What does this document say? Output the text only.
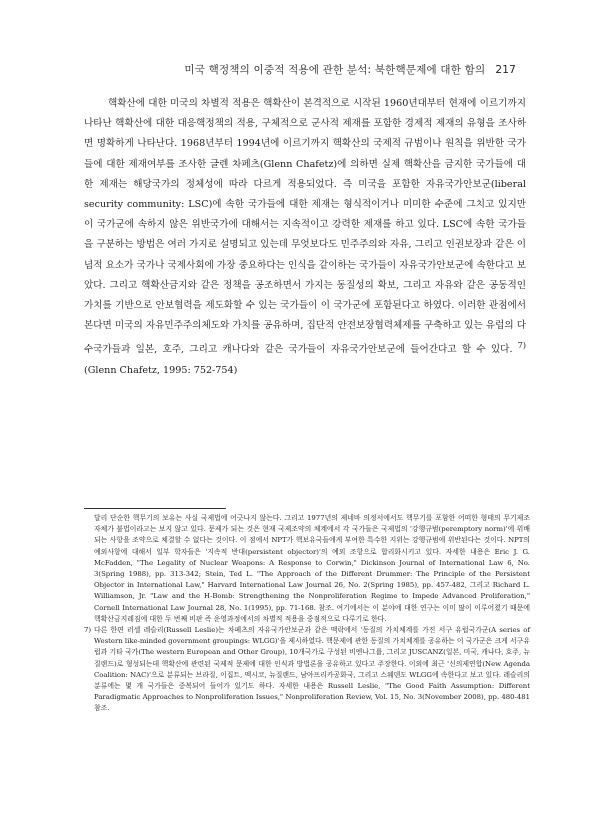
미국 핵정책의 이중적 적용에 관한 분석: 북한핵문제에 대한 함의 217

핵확산에 대한 미국의 차별적 적용은 핵확산이 본격적으로 시작된 1960년대부터 현재에 이르기까지 나타난 핵확산에 대한 대응핵정책의 적용, 구체적으로 군사적 제재를 포함한 경제적 제재의 유형을 조사하면 명확하게 나타난다. 1968년부터 1994년에 이르기까지 핵확산의 국제적 규범이나 원칙을 위반한 국가들에 대한 제재여부를 조사한 글렌 차페츠(Glenn Chafetz)에 의하면 실제 핵확산을 금지한 국가들에 대한 제재는 해당국가의 정체성에 따라 다르게 적용되었다. 즉 미국을 포함한 자유국가안보군(liberal security community: LSC)에 속한 국가들에 대한 제재는 형식적이거나 미미한 수준에 그치고 있지만 이 국가군에 속하지 않은 위반국가에 대해서는 지속적이고 강력한 제재를 하고 있다. LSC에 속한 국가들을 구분하는 방법은 여러 가지로 설명되고 있는데 무엇보다도 민주주의와 자유, 그리고 인권보장과 같은 이념적 요소가 국가나 국제사회에 가장 중요하다는 인식을 같이하는 국가들이 자유국가안보군에 속한다고 보았다. 그리고 핵확산금지와 같은 정책을 공조하면서 가지는 동질성의 확보, 그리고 자유와 같은 공동적인 가치를 기반으로 안보협력을 제도화할 수 있는 국가들이 이 국가군에 포함된다고 하였다. 이러한 관점에서 본다면 미국의 자유민주주의체도와 가치를 공유하며, 집단적 안전보장협력체제를 구축하고 있는 유럽의 다수국가들과 일본, 호주, 그리고 캐나다와 같은 국가들이 자유국가안보군에 들어간다고 할 수 있다. $^{7)}$(Glenn Chafetz, 1995: 752-754)

달리 단순한 핵무기의 보유는 사실 국제법에 어긋나지 않는다. 그리고 1977년의 제네바 의정서에서도 핵무기를 포함한 어떠한 형태의 무기제조 자체가 불법이라고는 보지 않고 있다. 문제가 되는 것은 현재 국제조약의 체계에서 각 국가들은 국제법의 '강행규범(peremptory norm)'에 위배되는 사항을 조약으로 체결할 수 없다는 것이다. 이 점에서 NPT가 핵보유국들에게 부여한 특수한 지위는 강행규범에 위반된다는 것이다. NPT의 예외사항에 대해서 일부 학자들은 '지속적 반대(persistent objector)'의 예외 조항으로 합리화시키고 있다. 자세한 내용은 Eric J. G. McFadden, "The Legality of Nuclear Weapons: A Response to Corwin," Dickinson Journal of International Law 6, No. 3(Spring 1988), pp. 313-342; Stein, Ted L. "The Approach of the Different Drummer: The Principle of the Persistent Objector in International Law," Harvard International Law Journal 26, No. 2(Spring 1985), pp. 457-482, 그리고 Richard L. Williamson, Jr. "Law and the H-Bomb: Strengthening the Nonproliferation Regime to Impede Advanced Proliferation," Cornell International Law Journal 28, No. 1(1995), pp. 71-168. 참조. 여기에서는 이 분야에 대한 연구는 이미 많이 이루어졌기 때문에 핵확산금지레짐에 대한 두 번째 비판 즉 운영과정에서의 차별적 적용을 중점적으로 다루기로 한다.

7) 다른 한편 러셀 레슬리(Russell Leslie)는 차페츠의 자유국가안보군과 같은 맥락에서 '동질의 가치체계를 가진 서구 유럽국가군(A series of Western like-minded government groupings: WLGG)'을 제시하였다. 핵문제에 관한 동질의 가치체계를 공유하는 이 국가군은 크게 서구유럽과 기타 국가(The western European and Other Group), 10개국가로 구성된 비엔나그룹, 그리고 JUSCANZ(일본, 미국, 캐나다, 호주, 뉴질랜드)로 형성되는데 핵확산에 관련된 국제적 문제에 대한 인식과 방법론을 공유하고 있다고 주장한다. 이외에 최근 '신의제연합(New Agenda Coalition: NAC)'으로 분류되는 브라질, 이집트, 멕시코, 뉴질랜드, 남아프리카공화국, 그리고 스웨덴도 WLGG에 속한다고 보고 있다. 레슬리의 분류에는 몇 개 국가들은 중복되어 들어가 있기도 하다. 자세한 내용은 Russell Leslie, "The Good Faith Assumption: Different Paradigmatic Approaches to Nonproliferation Issues," Nonproliferation Review, Vol. 15, No. 3(November 2008), pp. 480-481 참조.
